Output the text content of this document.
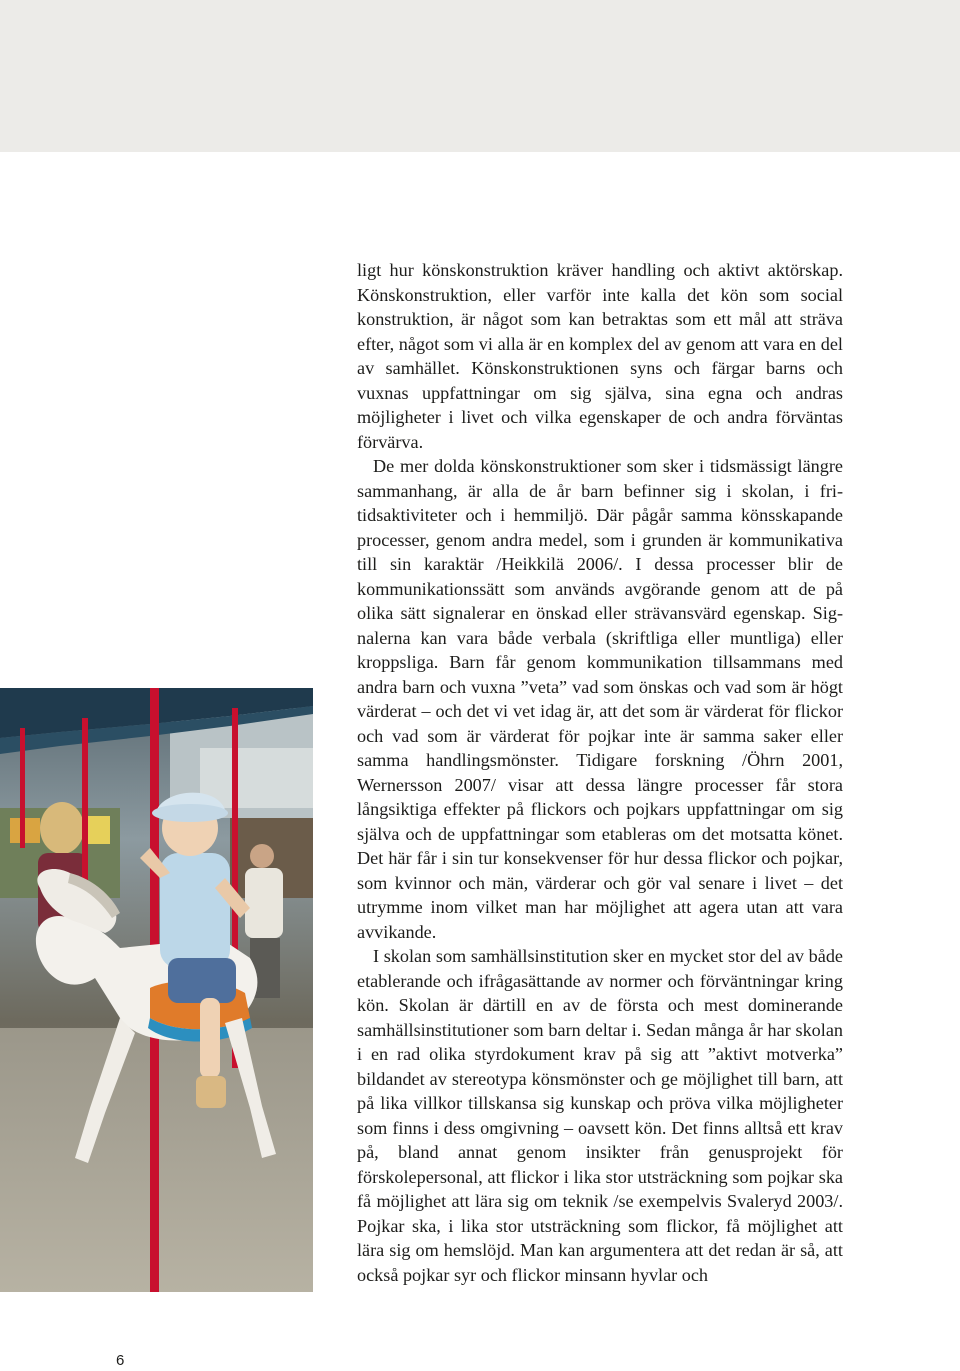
ligt hur könskonstruktion kräver handling och aktivt aktörskap. Könskonstruktion, eller varför inte kalla det kön som social konstruktion, är något som kan betraktas som ett mål att sträva efter, något som vi alla är en komplex del av genom att vara en del av samhället. Könskonstruktionen syns och färgar barns och vuxnas uppfattningar om sig själva, sina egna och andras möjligheter i livet och vilka egenskaper de och andra förväntas förvärva.

De mer dolda könskonstruktioner som sker i tidsmässigt längre sammanhang, är alla de år barn befinner sig i skolan, i fritidsaktiviteter och i hemmiljö. Där pågår samma könsskapande processer, genom andra medel, som i grunden är kommunikativa till sin karaktär /Heikkilä 2006/. I dessa processer blir de kommunikationssätt som används avgörande genom att de på olika sätt signalerar en önskad eller strävansvärd egenskap. Signalerna kan vara både verbala (skriftliga eller muntliga) eller kroppsliga. Barn får genom kommunikation tillsammans med andra barn och vuxna ”veta” vad som önskas och vad som är högt värderat – och det vi vet idag är, att det som är värderat för flickor och vad som är värderat för pojkar inte är samma saker eller samma handlingsmönster. Tidigare forskning /Öhrn 2001, Wernersson 2007/ visar att dessa längre processer får stora långsiktiga effekter på flickors och pojkars uppfattningar om sig själva och de uppfattningar som etableras om det motsatta könet. Det här får i sin tur konsekvenser för hur dessa flickor och pojkar, som kvinnor och män, värderar och gör val senare i livet – det utrymme inom vilket man har möjlighet att agera utan att vara avvikande.

I skolan som samhällsinstitution sker en mycket stor del av både etablerande och ifrågasättande av normer och förväntningar kring kön. Skolan är därtill en av de första och mest dominerande samhällsinstitutioner som barn deltar i. Sedan många år har skolan i en rad olika styrdokument krav på sig att ”aktivt motverka” bildandet av stereotypa könsmönster och ge möjlighet till barn, att på lika villkor tillskansa sig kunskap och pröva vilka möjligheter som finns i dess omgivning – oavsett kön. Det finns alltså ett krav på, bland annat genom insikter från genusprojekt för förskolepersonal, att flickor i lika stor utsträckning som pojkar ska få möjlighet att lära sig om teknik /se exempelvis Svaleryd 2003/. Pojkar ska, i lika stor utsträckning som flickor, få möjlighet att lära sig om hemslöjd. Man kan argumentera att det redan är så, att också pojkar syr och flickor minsann hyvlar och

6
